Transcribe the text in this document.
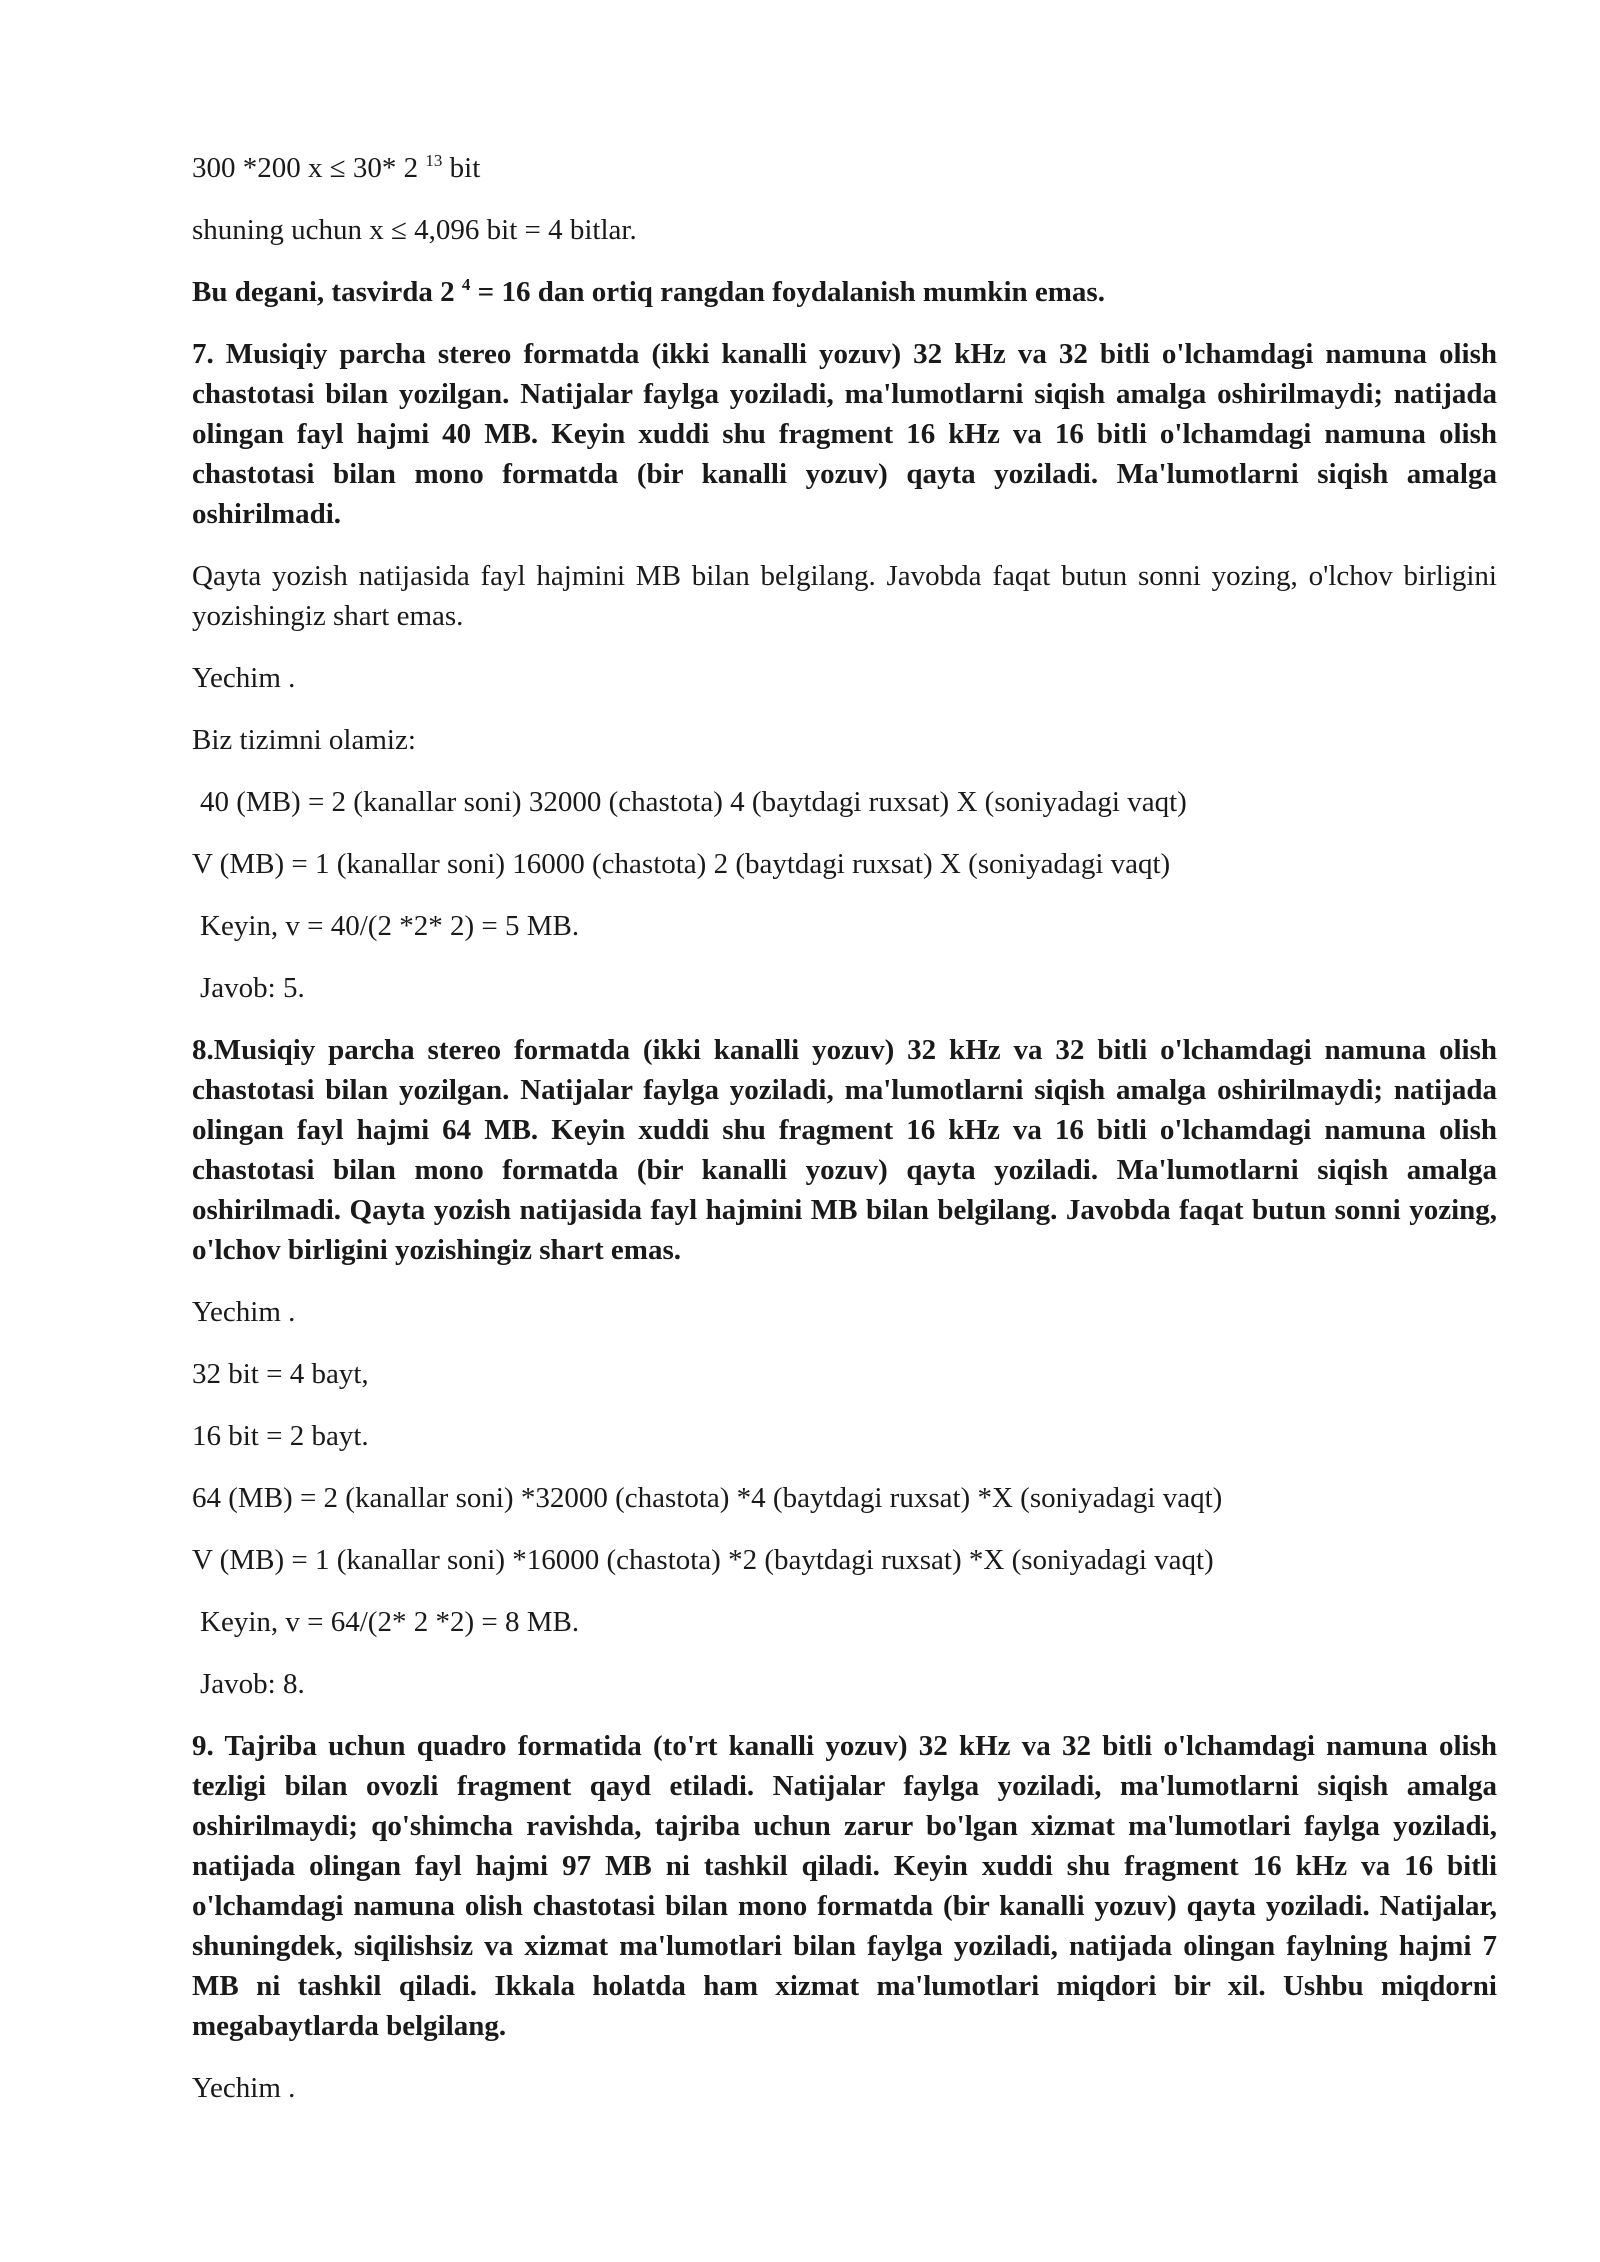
300 *200 x ≤ 30* 2 $^{13}$ bit

shuning uchun x ≤ 4,096 bit = 4 bitlar.

Bu degani, tasvirda 2 $^4$ = 16 dan ortiq rangdan foydalanish mumkin emas.

7. Musiqiy parcha stereo formatda (ikki kanalli yozuv) 32 kHz va 32 bitli o'lchamdagi namuna olish chastotasi bilan yozilgan. Natijalar faylga yoziladi, ma'lumotlarni siqish amalga oshirilmaydi; natijada olingan fayl hajmi 40 MB. Keyin xuddi shu fragment 16 kHz va 16 bitli o'lchamdagi namuna olish chastotasi bilan mono formatda (bir kanalli yozuv) qayta yoziladi. Ma'lumotlarni siqish amalga oshirilmadi.

Qayta yozish natijasida fayl hajmini MB bilan belgilang. Javobda faqat butun sonni yozing, o'lchov birligini yozishingiz shart emas.

Yechim .

Biz tizimni olamiz:

40 (MB) = 2 (kanallar soni) 32000 (chastota) 4 (baytdagi ruxsat) X (soniyadagi vaqt)

V (MB) = 1 (kanallar soni) 16000 (chastota) 2 (baytdagi ruxsat) X (soniyadagi vaqt)

Keyin, v = 40/(2 *2* 2) = 5 MB.

Javob: 5.

8.Musiqiy parcha stereo formatda (ikki kanalli yozuv) 32 kHz va 32 bitli o'lchamdagi namuna olish chastotasi bilan yozilgan. Natijalar faylga yoziladi, ma'lumotlarni siqish amalga oshirilmaydi; natijada olingan fayl hajmi 64 MB. Keyin xuddi shu fragment 16 kHz va 16 bitli o'lchamdagi namuna olish chastotasi bilan mono formatda (bir kanalli yozuv) qayta yoziladi. Ma'lumotlarni siqish amalga oshirilmadi. Qayta yozish natijasida fayl hajmini MB bilan belgilang. Javobda faqat butun sonni yozing, o'lchov birligini yozishingiz shart emas.

Yechim .

32 bit = 4 bayt,

16 bit = 2 bayt.

64 (MB) = 2 (kanallar soni) *32000 (chastota) *4 (baytdagi ruxsat) *X (soniyadagi vaqt)

V (MB) = 1 (kanallar soni) *16000 (chastota) *2 (baytdagi ruxsat) *X (soniyadagi vaqt)

Keyin, v = 64/(2* 2 *2) = 8 MB.

Javob: 8.

9. Tajriba uchun quadro formatida (to'rt kanalli yozuv) 32 kHz va 32 bitli o'lchamdagi namuna olish tezligi bilan ovozli fragment qayd etiladi. Natijalar faylga yoziladi, ma'lumotlarni siqish amalga oshirilmaydi; qo'shimcha ravishda, tajriba uchun zarur bo'lgan xizmat ma'lumotlari faylga yoziladi, natijada olingan fayl hajmi 97 MB ni tashkil qiladi. Keyin xuddi shu fragment 16 kHz va 16 bitli o'lchamdagi namuna olish chastotasi bilan mono formatda (bir kanalli yozuv) qayta yoziladi. Natijalar, shuningdek, siqilishsiz va xizmat ma'lumotlari bilan faylga yoziladi, natijada olingan faylning hajmi 7 MB ni tashkil qiladi. Ikkala holatda ham xizmat ma'lumotlari miqdori bir xil. Ushbu miqdorni megabaytlarda belgilang.

Yechim .
